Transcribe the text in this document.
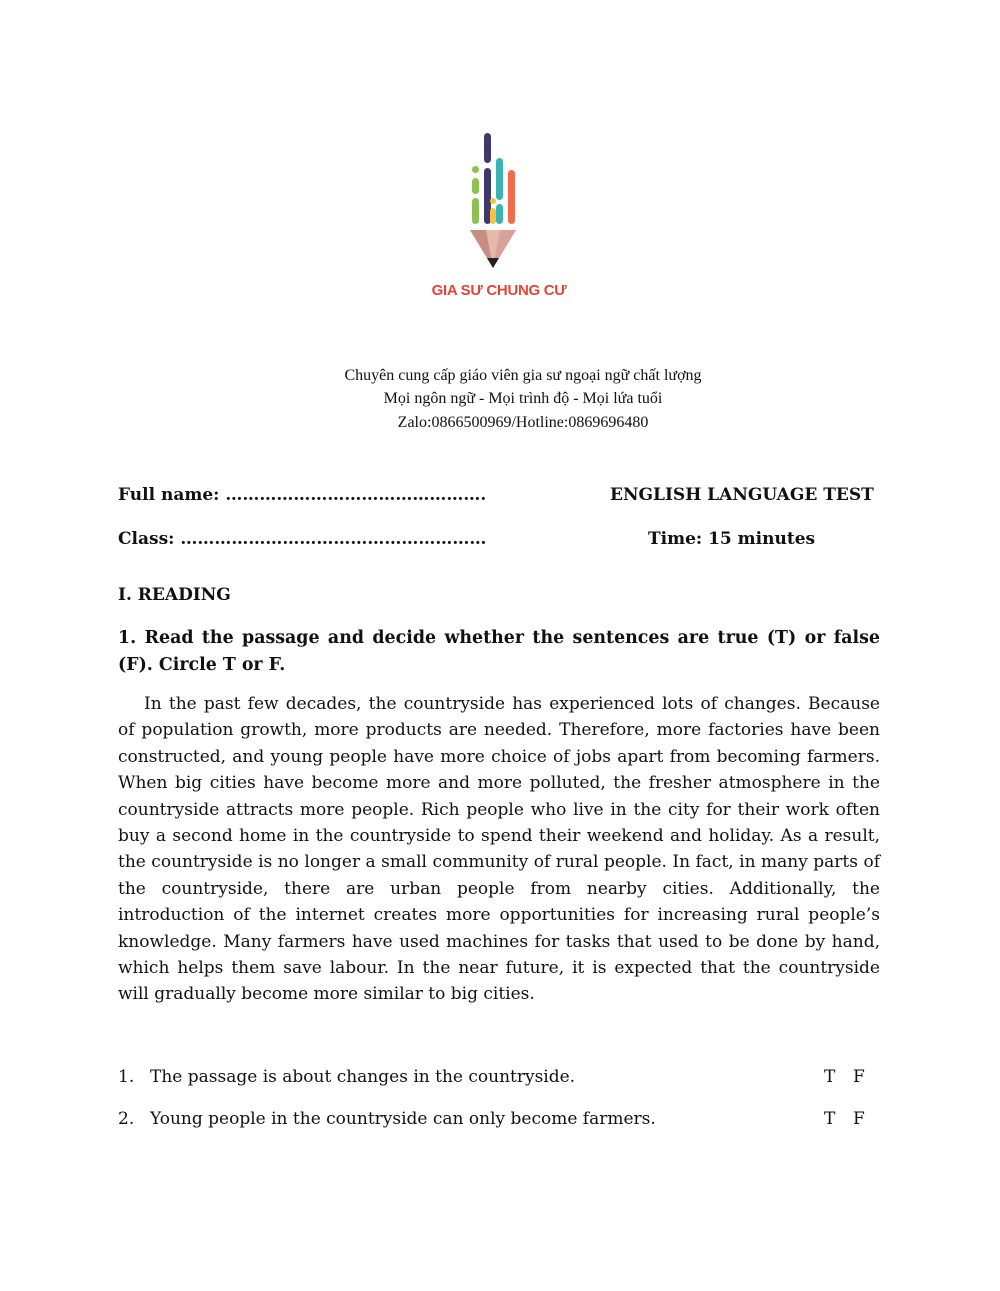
GIA SƯ CHUNG CƯ
Chuyên cung cấp giáo viên gia sư ngoại ngữ chất lượng
Mọi ngôn ngữ - Mọi trình độ - Mọi lứa tuổi
Zalo:0866500969/Hotline:0869696480
Full name: ……………………………………….
Class: ………………………………………………
ENGLISH LANGUAGE TEST
Time: 15 minutes
I. READING
1. Read the passage and decide whether the sentences are true (T) or false (F). Circle T or F.
In the past few decades, the countryside has experienced lots of changes. Because of population growth, more products are needed. Therefore, more factories have been constructed, and young people have more choice of jobs apart from becoming farmers. When big cities have become more and more polluted, the fresher atmosphere in the countryside attracts more people. Rich people who live in the city for their work often buy a second home in the countryside to spend their weekend and holiday. As a result, the countryside is no longer a small community of rural people. In fact, in many parts of the countryside, there are urban people from nearby cities. Additionally, the introduction of the internet creates more opportunities for increasing rural people’s knowledge. Many farmers have used machines for tasks that used to be done by hand, which helps them save labour. In the near future, it is expected that the countryside will gradually become more similar to big cities.
1. The passage is about changes in the countryside.	T F
2. Young people in the countryside can only become farmers.	T F
